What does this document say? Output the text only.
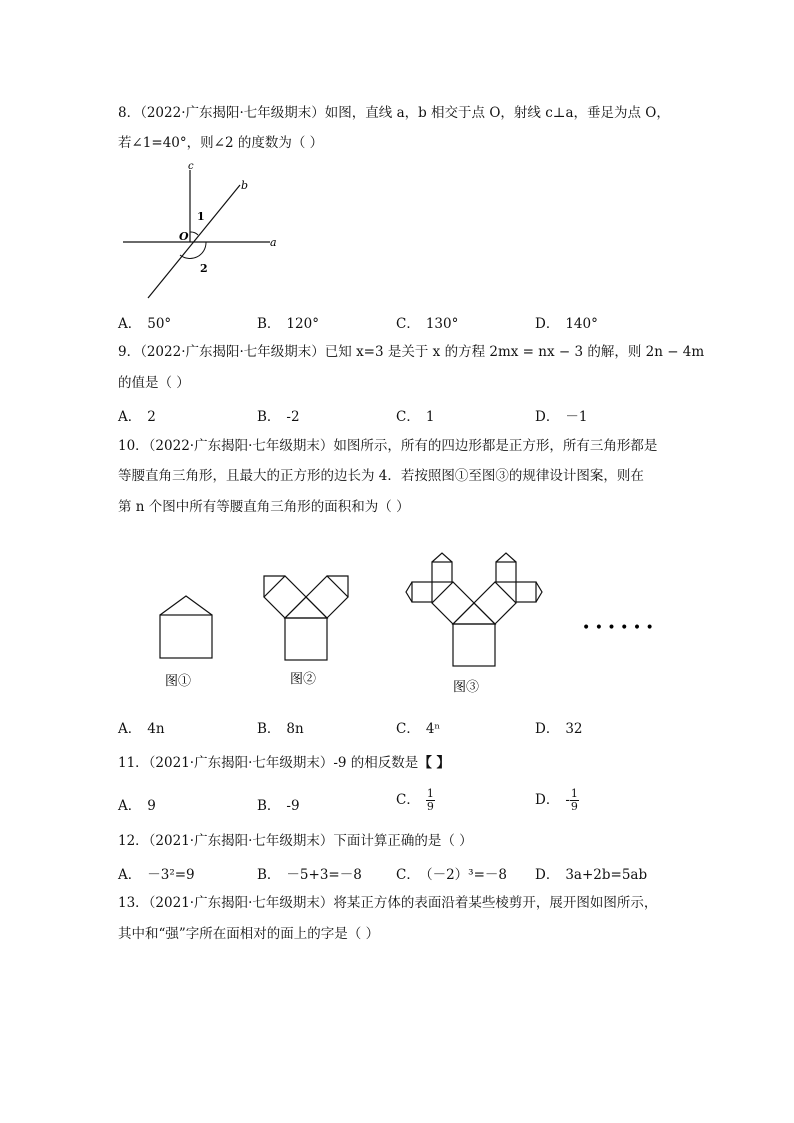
8．（2022·广东揭阳·七年级期末）如图，直线 a，b 相交于点 O，射线 c⊥a，垂足为点 O，
若∠1=40°，则∠2 的度数为（ ）
c
b
a
O
1
2
A． 50°	B． 120°	C． 130°	D． 140°
9．（2022·广东揭阳·七年级期末）已知 x=3 是关于 x 的方程 2mx = nx − 3 的解，则 2n − 4m
的值是（ ）
A． 2	B． -2	C． 1	D． －1
10．（2022·广东揭阳·七年级期末）如图所示，所有的四边形都是正方形，所有三角形都是
等腰直角三角形，且最大的正方形的边长为 4．若按照图①至图③的规律设计图案，则在
第 n 个图中所有等腰直角三角形的面积和为（ ）
图①	图②
图③
• • • • • •
A． 4n	B． 8n	C． 4ⁿ	D． 32
11．（2021·广东揭阳·七年级期末）-9 的相反数是【 】
A． 9	B． -9	C． $\frac{1}{9}$	D． - $\frac{1}{9}$
12．（2021·广东揭阳·七年级期末）下面计算正确的是（ ）
A． －3²=9	B． －5+3=－8	C． （－2）³=－8 D． 3a+2b=5ab
13．（2021·广东揭阳·七年级期末）将某正方体的表面沿着某些棱剪开，展开图如图所示，
其中和“强”字所在面相对的面上的字是（ ）
